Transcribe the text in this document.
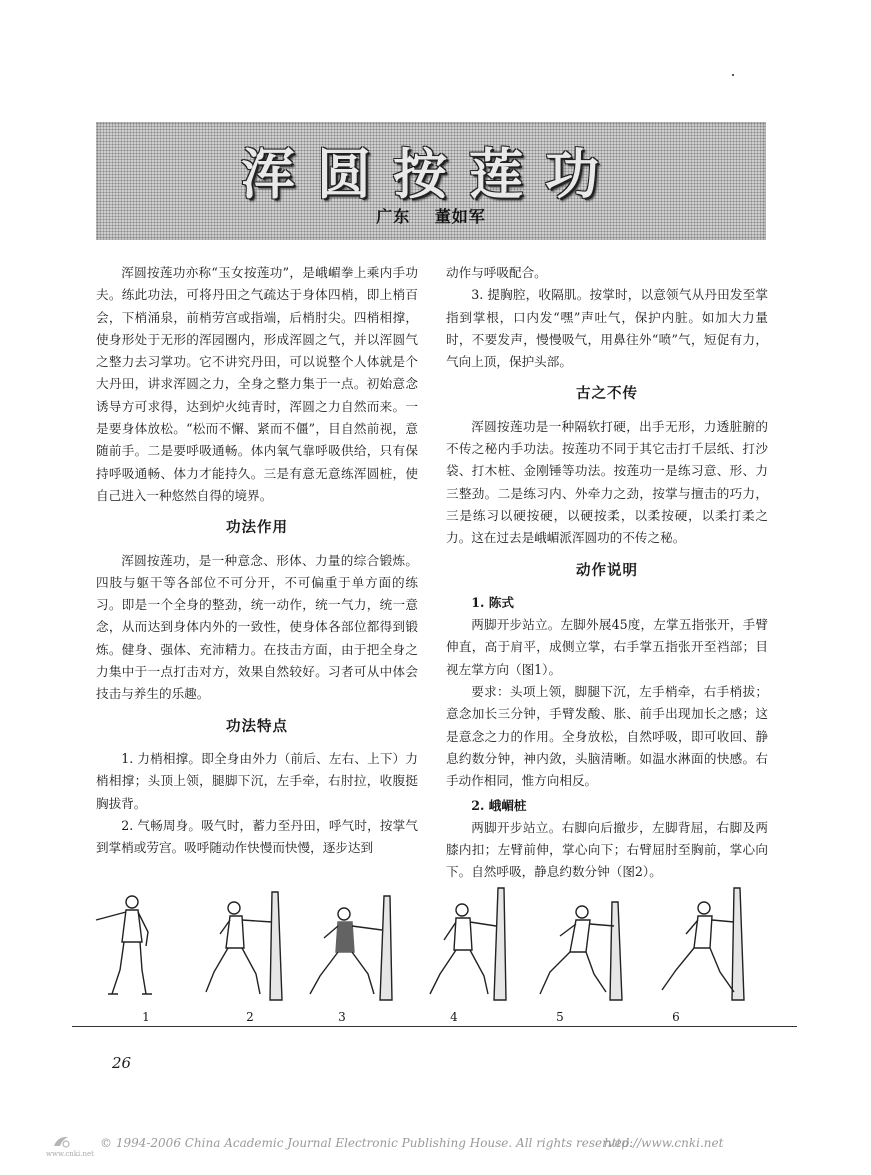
浑圆按莲功
广东 董如军

浑圆按莲功亦称“玉女按莲功”，是峨嵋拳上乘内手功夫。练此功法，可将丹田之气疏达于身体四梢，即上梢百会，下梢涌泉，前梢劳宫或指端，后梢肘尖。四梢相撑，使身形处于无形的浑园圈内，形成浑圆之气，并以浑圆气之整力去习掌功。它不讲究丹田，可以说整个人体就是个大丹田，讲求浑圆之力，全身之整力集于一点。初始意念诱导方可求得，达到炉火纯青时，浑圆之力自然而来。一是要身体放松。“松而不懈、紧而不僵”，目自然前视，意随前手。二是要呼吸通畅。体内氧气靠呼吸供给，只有保持呼吸通畅、体力才能持久。三是有意无意练浑圆桩，使自己进入一种悠然自得的境界。

功法作用

浑圆按莲功，是一种意念、形体、力量的综合锻炼。四肢与躯干等各部位不可分开，不可偏重于单方面的练习。即是一个全身的整劲，统一动作，统一气力，统一意念，从而达到身体内外的一致性，使身体各部位都得到锻炼。健身、强体、充沛精力。在技击方面，由于把全身之力集中于一点打击对方，效果自然较好。习者可从中体会技击与养生的乐趣。

功法特点

1. 力梢相撑。即全身由外力（前后、左右、上下）力梢相撑；头顶上领，腿脚下沉，左手牵，右肘拉，收腹挺胸拔背。

2. 气畅周身。吸气时，蓄力至丹田，呼气时，按掌气到掌梢或劳宫。吸呼随动作快慢而快慢，逐步达到

动作与呼吸配合。

3. 提胸腔，收隔肌。按掌时，以意领气从丹田发至掌指到掌根，口内发“嘿”声吐气，保护内脏。如加大力量时，不要发声，慢慢吸气，用鼻往外“喷”气，短促有力，气向上顶，保护头部。

古之不传

浑圆按莲功是一种隔软打硬，出手无形，力透脏腑的不传之秘内手功法。按莲功不同于其它击打千层纸、打沙袋、打木桩、金刚锤等功法。按莲功一是练习意、形、力三整劲。二是练习内、外牵力之劲，按掌与擅击的巧力，三是练习以硬按硬，以硬按柔，以柔按硬，以柔打柔之力。这在过去是峨嵋派浑圆功的不传之秘。

动作说明
1. 陈式

两脚开步站立。左脚外展45度，左掌五指张开，手臂伸直，高于肩平，成侧立掌，右手掌五指张开至裆部；目视左掌方向（图1）。

要求：头项上领，脚腿下沉，左手梢牵，右手梢拔；意念加长三分钟，手臂发酸、胀、前手出现加长之感；这是意念之力的作用。全身放松，自然呼吸，即可收回、静息约数分钟，神内敛，头脑清晰。如温水淋面的快感。右手动作相同，惟方向相反。

2. 峨嵋桩

两脚开步站立。右脚向后撤步，左脚背屈，右脚及两膝内扣；左臂前伸，掌心向下；右臂屈肘至胸前，掌心向下。自然呼吸，静息约数分钟（图2）。

1	2	3	4	5	6
26
www.cnki.net
© 1994-2006 China Academic Journal Electronic Publishing House. All rights reserved.
http://www.cnki.net
